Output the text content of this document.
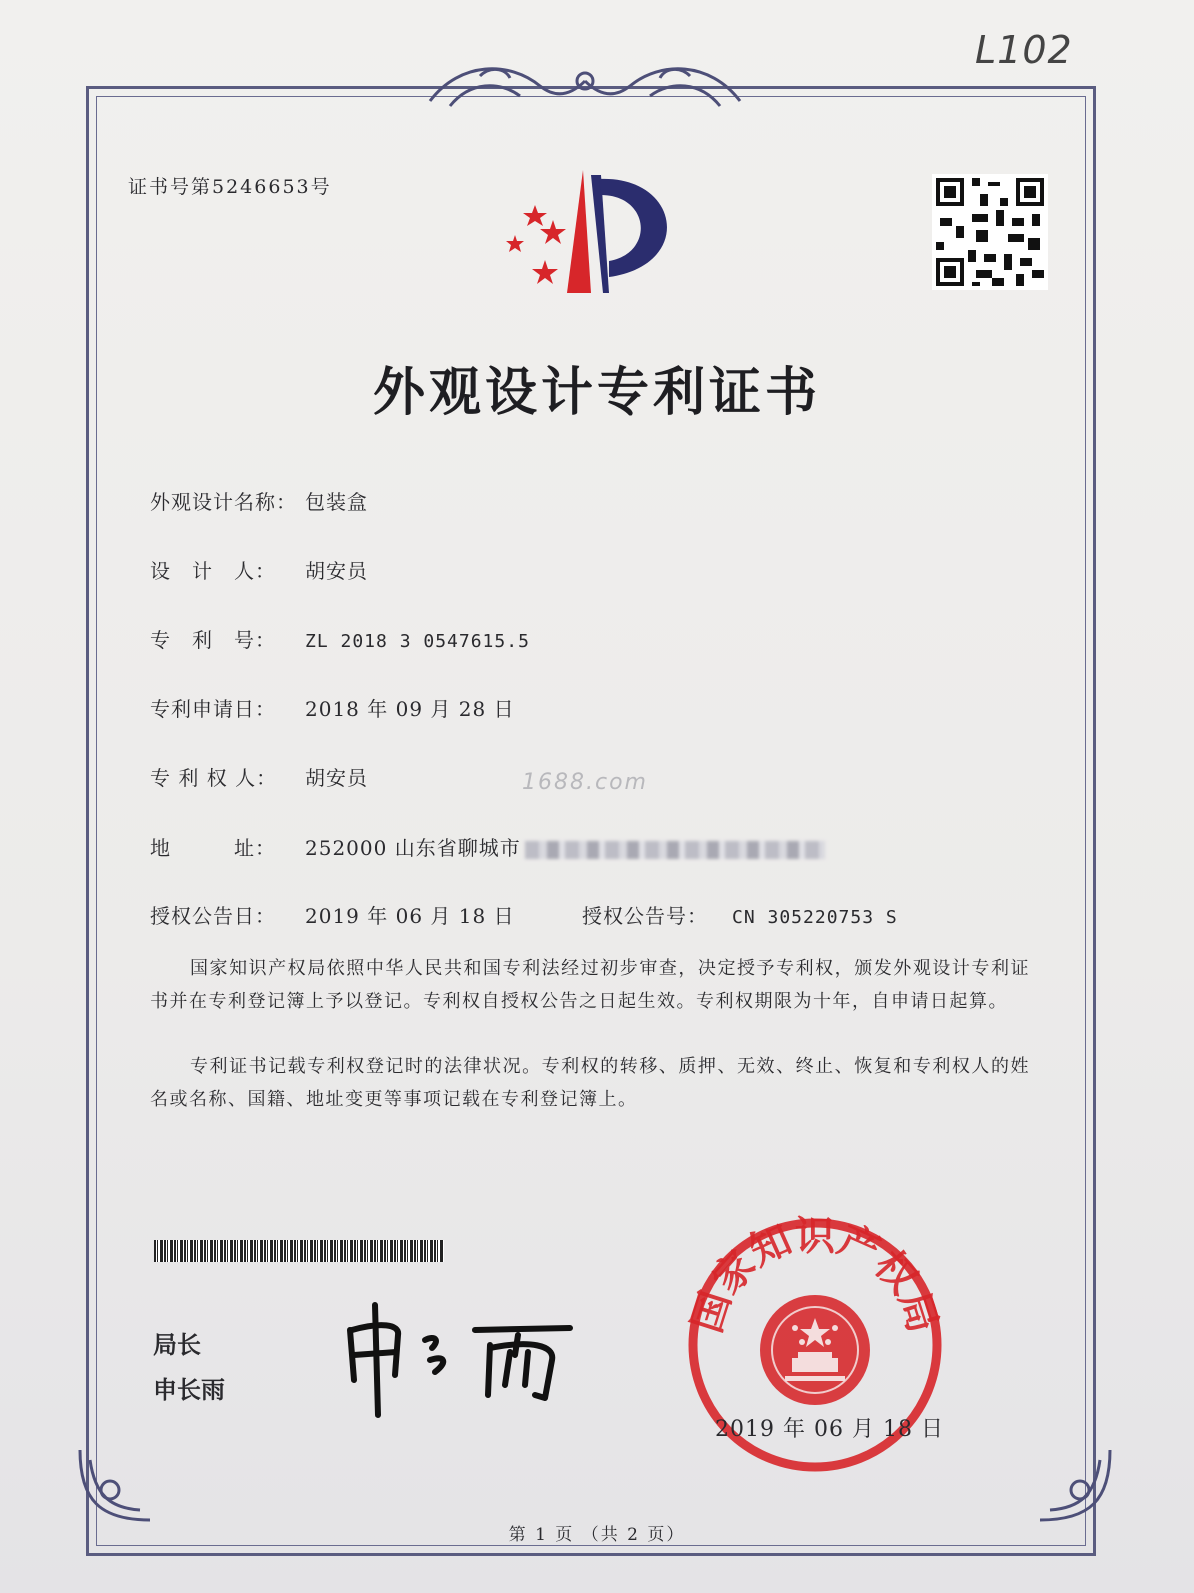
L102
证书号第5246653号
外观设计专利证书
外观设计名称： 包装盒
设　计　人： 胡安员
专　利　号： ZL 2018 3 0547615.5
专利申请日： 2018 年 09 月 28 日
专 利 权 人： 胡安员	1688.com
地　　　址： 252000 山东省聊城市
授权公告日： 2019 年 06 月 18 日	授权公告号： CN 305220753 S
国家知识产权局依照中华人民共和国专利法经过初步审查，决定授予专利权，颁发外观设计专利证书并在专利登记簿上予以登记。专利权自授权公告之日起生效。专利权期限为十年，自申请日起算。
专利证书记载专利权登记时的法律状况。专利权的转移、质押、无效、终止、恢复和专利权人的姓名或名称、国籍、地址变更等事项记载在专利登记簿上。
局长
申长雨
国家知识产权局
2019 年 06 月 18 日
第 1 页 （共 2 页）
